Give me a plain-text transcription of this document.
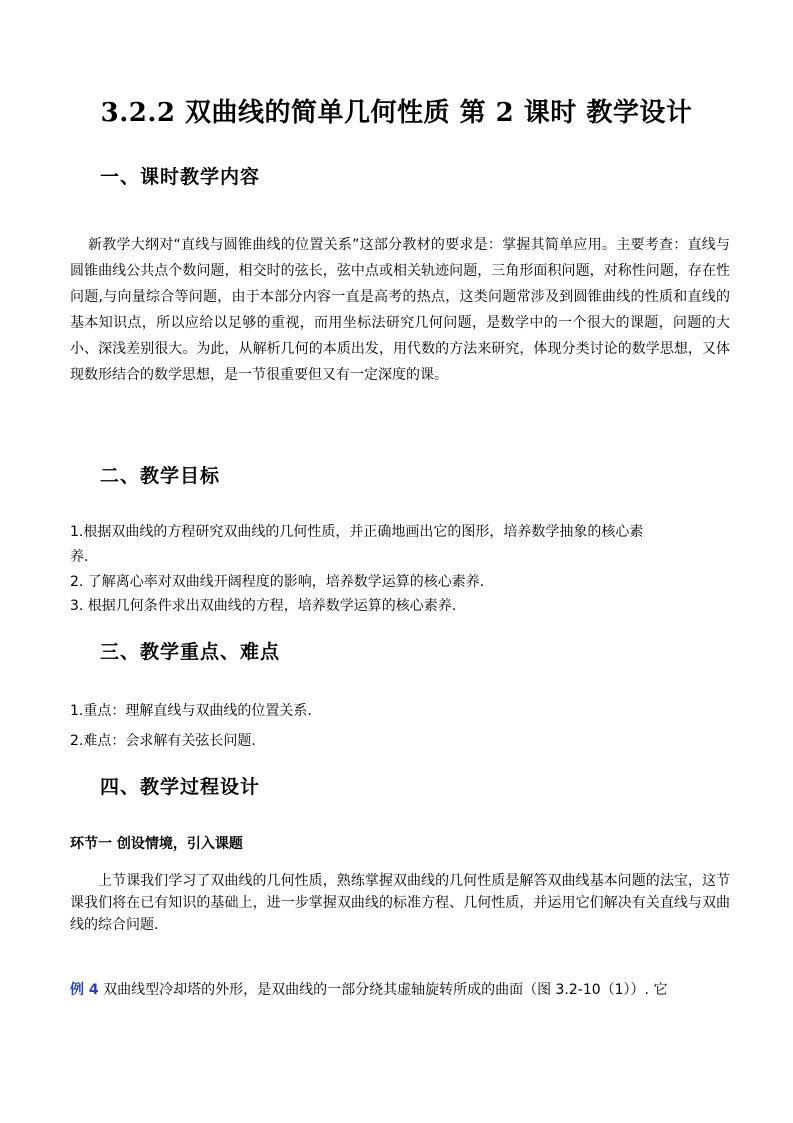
3.2.2 双曲线的简单几何性质 第 2 课时 教学设计
一、课时教学内容
新教学大纲对“直线与圆锥曲线的位置关系”这部分教材的要求是：掌握其简单应用。主要考查：直线与圆锥曲线公共点个数问题，相交时的弦长，弦中点或相关轨迹问题，三角形面积问题，对称性问题，存在性问题,与向量综合等问题，由于本部分内容一直是高考的热点，这类问题常涉及到圆锥曲线的性质和直线的基本知识点，所以应给以足够的重视，而用坐标法研究几何问题，是数学中的一个很大的课题，问题的大小、深浅差别很大。为此，从解析几何的本质出发，用代数的方法来研究，体现分类讨论的数学思想，又体现数形结合的数学思想，是一节很重要但又有一定深度的课。
二、教学目标
1.根据双曲线的方程研究双曲线的几何性质，并正确地画出它的图形，培养数学抽象的核心素
养.
2. 了解离心率对双曲线开阔程度的影响，培养数学运算的核心素养.
3. 根据几何条件求出双曲线的方程，培养数学运算的核心素养.
三、教学重点、难点
1.重点：理解直线与双曲线的位置关系.
2.难点：会求解有关弦长问题.
四、教学过程设计
环节一 创设情境，引入课题
上节课我们学习了双曲线的几何性质，熟练掌握双曲线的几何性质是解答双曲线基本问题的法宝，这节课我们将在已有知识的基础上，进一步掌握双曲线的标准方程、几何性质，并运用它们解决有关直线与双曲线的综合问题.
例 4 双曲线型冷却塔的外形，是双曲线的一部分绕其虚轴旋转所成的曲面（图 3.2-10（1））. 它
